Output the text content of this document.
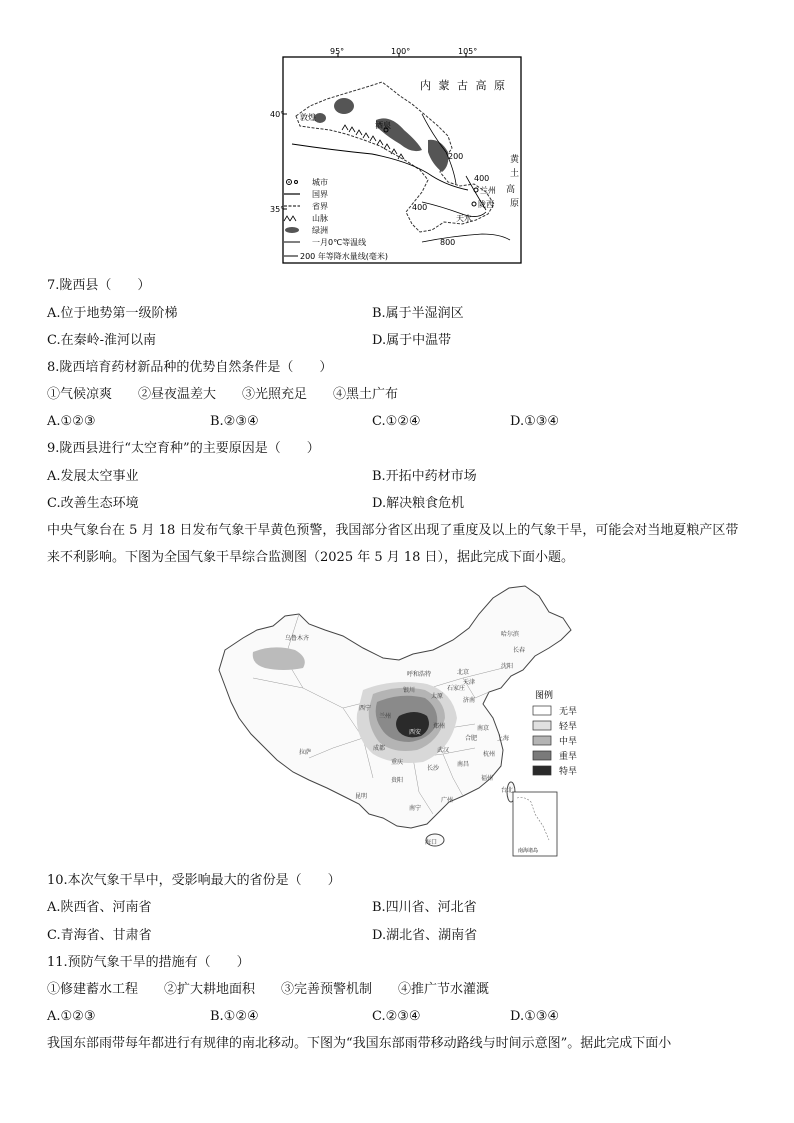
95°	100°	105°
40°
35°
内 蒙 古 高 原
黄
土
高
原
敦煌
酒泉
兰州
陇西
天水
200
400
400
800
城市
国界
省界
山脉
绿洲
一月0℃等温线
200 年等降水量线(毫米)
7.陇西县（　　）
A.位于地势第一级阶梯	B.属于半湿润区
C.在秦岭-淮河以南	D.属于中温带
8.陇西培育药材新品种的优势自然条件是（　　）
①气候凉爽　　②昼夜温差大　　③光照充足　　④黑土广布
A.①②③	B.②③④	C.①②④	D.①③④
9.陇西县进行“太空育种”的主要原因是（　　）
A.发展太空事业	B.开拓中药材市场
C.改善生态环境	D.解决粮食危机
中央气象台在 5 月 18 日发布气象干旱黄色预警，我国部分省区出现了重度及以上的气象干旱，可能会对当地夏粮产区带来不利影响。下图为全国气象干旱综合监测图（2025 年 5 月 18 日），据此完成下面小题。
乌鲁木齐
哈尔滨
长春
沈阳
呼和浩特	北京
天津
银川
太原
石家庄
济南
西宁
兰州
郑州
西安
合肥
南京
上海
拉萨
成都	武汉
杭州
重庆
长沙
南昌
福州
贵阳
昆明
台北
南宁
广州
海口
图例
无旱
轻旱
中旱
重旱
特旱
南海诸岛
10.本次气象干旱中，受影响最大的省份是（　　）
A.陕西省、河南省	B.四川省、河北省
C.青海省、甘肃省	D.湖北省、湖南省
11.预防气象干旱的措施有（　　）
①修建蓄水工程　　②扩大耕地面积　　③完善预警机制　　④推广节水灌溉
A.①②③	B.①②④	C.②③④	D.①③④
我国东部雨带每年都进行有规律的南北移动。下图为“我国东部雨带移动路线与时间示意图”。据此完成下面小
